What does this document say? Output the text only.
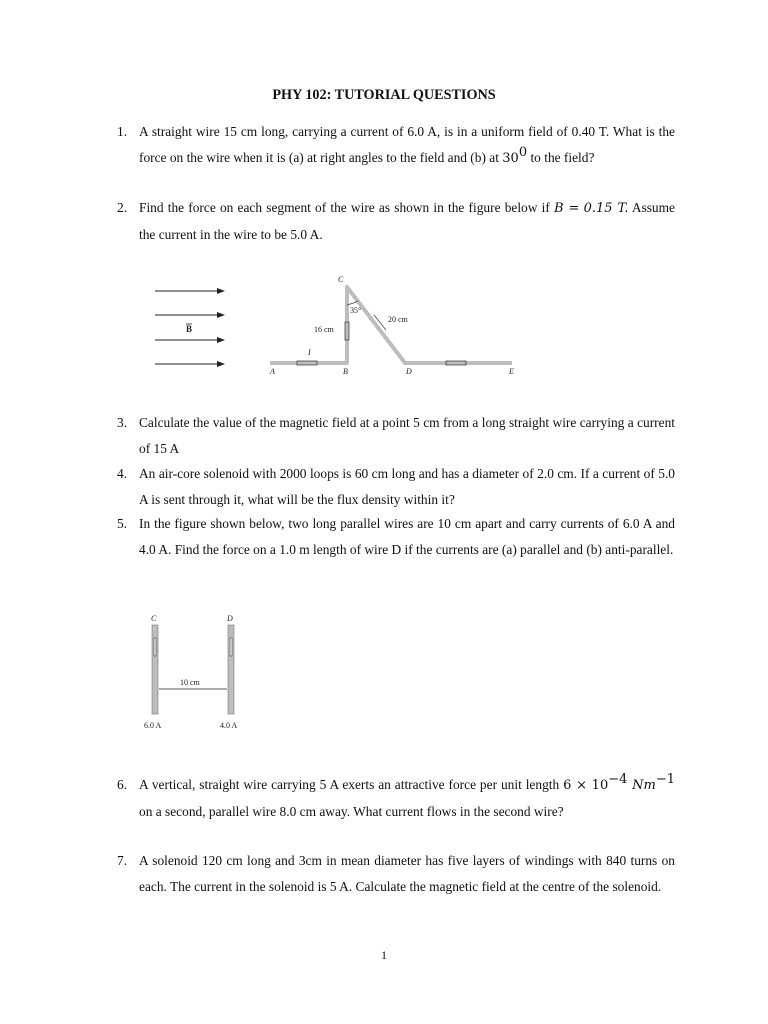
PHY 102: TUTORIAL QUESTIONS
1. A straight wire 15 cm long, carrying a current of 6.0 A, is in a uniform field of 0.40 T. What is the force on the wire when it is (a) at right angles to the field and (b) at $30^0$ to the field?
2. Find the force on each segment of the wire as shown in the figure below if B = 0.15 T. Assume the current in the wire to be 5.0 A.
B
I
C
35°
16 cm
20 cm
A	B	D	E
3. Calculate the value of the magnetic field at a point 5 cm from a long straight wire carrying a current of 15 A
4. An air-core solenoid with 2000 loops is 60 cm long and has a diameter of 2.0 cm. If a current of 5.0 A is sent through it, what will be the flux density within it?
5. In the figure shown below, two long parallel wires are 10 cm apart and carry currents of 6.0 A and 4.0 A. Find the force on a 1.0 m length of wire D if the currents are (a) parallel and (b) anti-parallel.
C	D
10 cm
6.0 A	4.0 A
6. A vertical, straight wire carrying 5 A exerts an attractive force per unit length $6 \times 10^{-4}$ $Nm^{-1}$ on a second, parallel wire 8.0 cm away. What current flows in the second wire?
7. A solenoid 120 cm long and 3cm in mean diameter has five layers of windings with 840 turns on each. The current in the solenoid is 5 A. Calculate the magnetic field at the centre of the solenoid.
1
